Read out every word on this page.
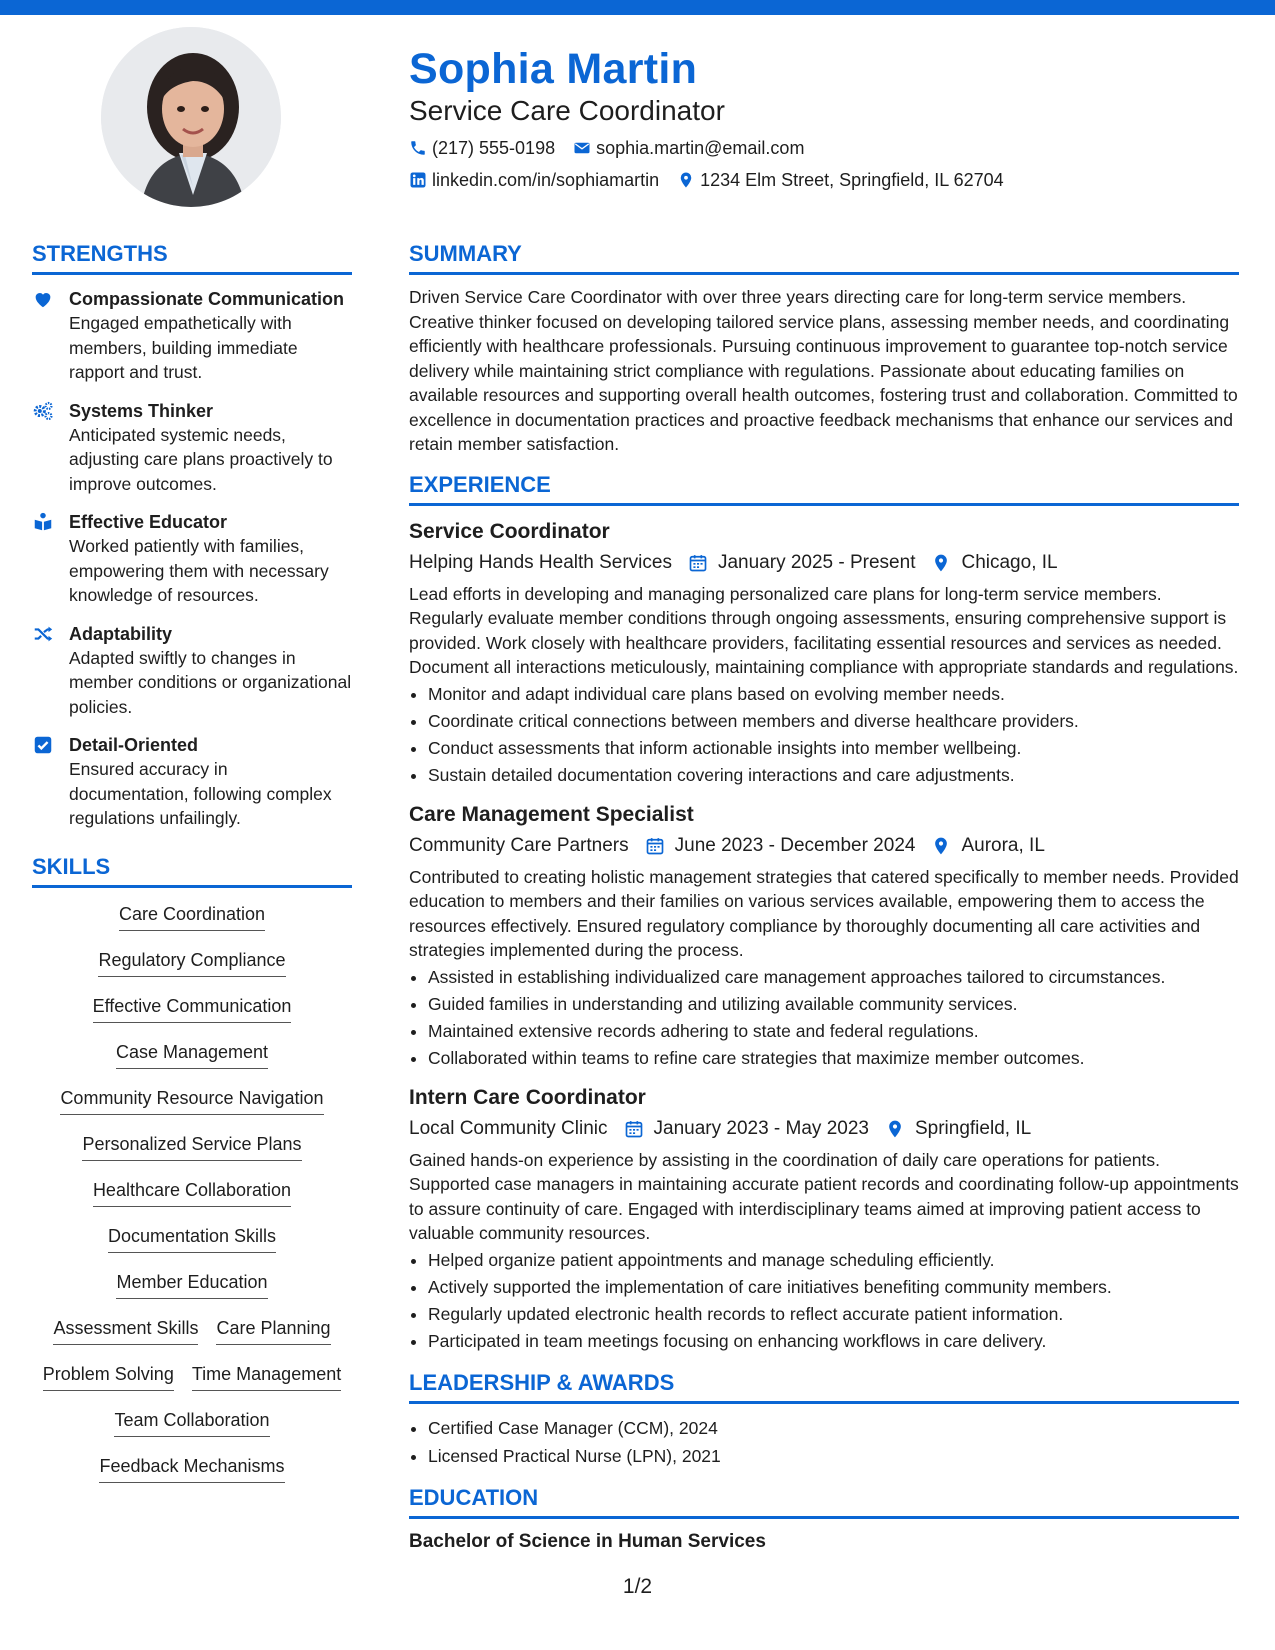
Sophia Martin
Service Care Coordinator
(217) 555-0198 sophia.martin@email.com
linkedin.com/in/sophiamartin 1234 Elm Street, Springfield, IL 62704
STRENGTHS
Compassionate Communication
Engaged empathetically with members, building immediate rapport and trust.
Systems Thinker
Anticipated systemic needs, adjusting care plans proactively to improve outcomes.
Effective Educator
Worked patiently with families, empowering them with necessary knowledge of resources.
Adaptability
Adapted swiftly to changes in member conditions or organizational policies.
Detail-Oriented
Ensured accuracy in documentation, following complex regulations unfailingly.
SKILLS
Care Coordination
Regulatory Compliance
Effective Communication
Case Management
Community Resource Navigation
Personalized Service Plans
Healthcare Collaboration
Documentation Skills
Member Education
Assessment Skills Care Planning
Problem Solving Time Management
Team Collaboration
Feedback Mechanisms
SUMMARY
Driven Service Care Coordinator with over three years directing care for long-term service members. Creative thinker focused on developing tailored service plans, assessing member needs, and coordinating efficiently with healthcare professionals. Pursuing continuous improvement to guarantee top-notch service delivery while maintaining strict compliance with regulations. Passionate about educating families on available resources and supporting overall health outcomes, fostering trust and collaboration. Committed to excellence in documentation practices and proactive feedback mechanisms that enhance our services and retain member satisfaction.
EXPERIENCE
Service Coordinator
Helping Hands Health Services January 2025 - Present Chicago, IL
Lead efforts in developing and managing personalized care plans for long-term service members. Regularly evaluate member conditions through ongoing assessments, ensuring comprehensive support is provided. Work closely with healthcare providers, facilitating essential resources and services as needed. Document all interactions meticulously, maintaining compliance with appropriate standards and regulations.
• Monitor and adapt individual care plans based on evolving member needs.
• Coordinate critical connections between members and diverse healthcare providers.
• Conduct assessments that inform actionable insights into member wellbeing.
• Sustain detailed documentation covering interactions and care adjustments.
Care Management Specialist
Community Care Partners June 2023 - December 2024 Aurora, IL
Contributed to creating holistic management strategies that catered specifically to member needs. Provided education to members and their families on various services available, empowering them to access the resources effectively. Ensured regulatory compliance by thoroughly documenting all care activities and strategies implemented during the process.
• Assisted in establishing individualized care management approaches tailored to circumstances.
• Guided families in understanding and utilizing available community services.
• Maintained extensive records adhering to state and federal regulations.
• Collaborated within teams to refine care strategies that maximize member outcomes.
Intern Care Coordinator
Local Community Clinic January 2023 - May 2023 Springfield, IL
Gained hands-on experience by assisting in the coordination of daily care operations for patients. Supported case managers in maintaining accurate patient records and coordinating follow-up appointments to assure continuity of care. Engaged with interdisciplinary teams aimed at improving patient access to valuable community resources.
• Helped organize patient appointments and manage scheduling efficiently.
• Actively supported the implementation of care initiatives benefiting community members.
• Regularly updated electronic health records to reflect accurate patient information.
• Participated in team meetings focusing on enhancing workflows in care delivery.
LEADERSHIP & AWARDS
• Certified Case Manager (CCM), 2024
• Licensed Practical Nurse (LPN), 2021
EDUCATION
Bachelor of Science in Human Services
1/2
